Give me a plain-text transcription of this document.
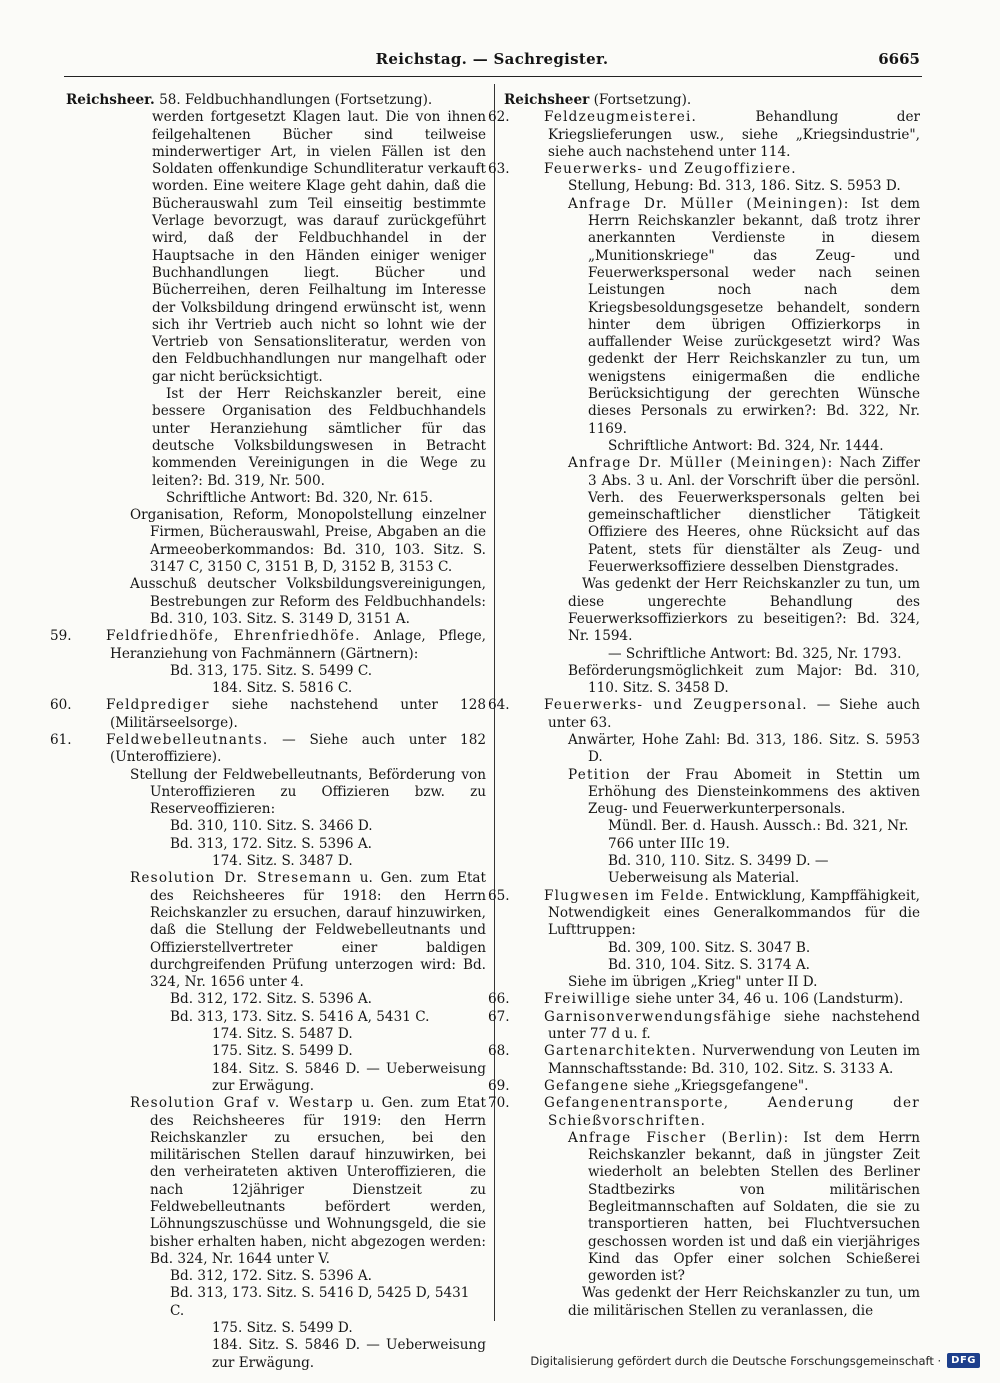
Reichstag. — Sachregister.	6665

Reichsheer. 58. Feldbuchhandlungen (Fortsetzung).

werden fortgesetzt Klagen laut. Die von ihnen feilgehaltenen Bücher sind teilweise minderwertiger Art, in vielen Fällen ist den Soldaten offenkundige Schundliteratur verkauft worden. Eine weitere Klage geht dahin, daß die Bücherauswahl zum Teil einseitig bestimmte Verlage bevorzugt, was darauf zurückgeführt wird, daß der Feldbuchhandel in der Hauptsache in den Händen einiger weniger Buchhandlungen liegt. Bücher und Bücherreihen, deren Feilhaltung im Interesse der Volksbildung dringend erwünscht ist, wenn sich ihr Vertrieb auch nicht so lohnt wie der Vertrieb von Sensationsliteratur, werden von den Feldbuchhandlungen nur mangelhaft oder gar nicht berücksichtigt.

Ist der Herr Reichskanzler bereit, eine bessere Organisation des Feldbuchhandels unter Heranziehung sämtlicher für das deutsche Volksbildungswesen in Betracht kommenden Vereinigungen in die Wege zu leiten?: Bd. 319, Nr. 500.

Schriftliche Antwort: Bd. 320, Nr. 615.

Organisation, Reform, Monopolstellung einzelner Firmen, Bücherauswahl, Preise, Abgaben an die Armeeoberkommandos: Bd. 310, 103. Sitz. S. 3147 C, 3150 C, 3151 B, D, 3152 B, 3153 C.

Ausschuß deutscher Volksbildungsvereinigungen, Bestrebungen zur Reform des Feldbuchhandels: Bd. 310, 103. Sitz. S. 3149 D, 3151 A.

59.	Feldfriedhöfe, Ehrenfriedhöfe. Anlage, Pflege, Heranziehung von Fachmännern (Gärtnern):

Bd. 313, 175. Sitz. S. 5499 C.

184. Sitz. S. 5816 C.

60.	Feldprediger siehe nachstehend unter 128 (Militärseelsorge).

61.	Feldwebelleutnants. — Siehe auch unter 182 (Unteroffiziere).

Stellung der Feldwebelleutnants, Beförderung von Unteroffizieren zu Offizieren bzw. zu Reserveoffizieren:

Bd. 310, 110. Sitz. S. 3466 D.

Bd. 313, 172. Sitz. S. 5396 A.

174. Sitz. S. 3487 D.

Resolution Dr. Stresemann u. Gen. zum Etat des Reichsheeres für 1918: den Herrn Reichskanzler zu ersuchen, darauf hinzuwirken, daß die Stellung der Feldwebelleutnants und Offizierstellvertreter einer baldigen durchgreifenden Prüfung unterzogen wird: Bd. 324, Nr. 1656 unter 4.

Bd. 312, 172. Sitz. S. 5396 A.

Bd. 313, 173. Sitz. S. 5416 A, 5431 C.

174. Sitz. S. 5487 D.

175. Sitz. S. 5499 D.

184. Sitz. S. 5846 D. — Ueberweisung zur Erwägung.

Resolution Graf v. Westarp u. Gen. zum Etat des Reichsheeres für 1919: den Herrn Reichskanzler zu ersuchen, bei den militärischen Stellen darauf hinzuwirken, bei den verheirateten aktiven Unteroffizieren, die nach 12jähriger Dienstzeit zu Feldwebelleutnants befördert werden, Löhnungszuschüsse und Wohnungsgeld, die sie bisher erhalten haben, nicht abgezogen werden: Bd. 324, Nr. 1644 unter V.

Bd. 312, 172. Sitz. S. 5396 A.

Bd. 313, 173. Sitz. S. 5416 D, 5425 D, 5431 C.

175. Sitz. S. 5499 D.

184. Sitz. S. 5846 D. — Ueberweisung zur Erwägung.

Reichsheer (Fortsetzung).

62.	Feldzeugmeisterei. Behandlung der Kriegslieferungen usw., siehe „Kriegsindustrie", siehe auch nachstehend unter 114.

63.	Feuerwerks- und Zeugoffiziere.

Stellung, Hebung: Bd. 313, 186. Sitz. S. 5953 D.

Anfrage Dr. Müller (Meiningen): Ist dem Herrn Reichskanzler bekannt, daß trotz ihrer anerkannten Verdienste in diesem „Munitionskriege" das Zeug- und Feuerwerkspersonal weder nach seinen Leistungen noch nach dem Kriegsbesoldungsgesetze behandelt, sondern hinter dem übrigen Offizierkorps in auffallender Weise zurückgesetzt wird? Was gedenkt der Herr Reichskanzler zu tun, um wenigstens einigermaßen die endliche Berücksichtigung der gerechten Wünsche dieses Personals zu erwirken?: Bd. 322, Nr. 1169.

Schriftliche Antwort: Bd. 324, Nr. 1444.

Anfrage Dr. Müller (Meiningen): Nach Ziffer 3 Abs. 3 u. Anl. der Vorschrift über die persönl. Verh. des Feuerwerkspersonals gelten bei gemeinschaftlicher dienstlicher Tätigkeit Offiziere des Heeres, ohne Rücksicht auf das Patent, stets für dienstälter als Zeug- und Feuerwerksoffiziere desselben Dienstgrades.

Was gedenkt der Herr Reichskanzler zu tun, um diese ungerechte Behandlung des Feuerwerksoffizierkors zu beseitigen?: Bd. 324, Nr. 1594.

— Schriftliche Antwort: Bd. 325, Nr. 1793.

Beförderungsmöglichkeit zum Major: Bd. 310, 110. Sitz. S. 3458 D.

64.	Feuerwerks- und Zeugpersonal. — Siehe auch unter 63.

Anwärter, Hohe Zahl: Bd. 313, 186. Sitz. S. 5953 D.

Petition der Frau Abomeit in Stettin um Erhöhung des Diensteinkommens des aktiven Zeug- und Feuerwerkunterpersonals.

Mündl. Ber. d. Haush. Aussch.: Bd. 321, Nr. 766 unter IIIc 19.

Bd. 310, 110. Sitz. S. 3499 D. — Ueberweisung als Material.

65.	Flugwesen im Felde. Entwicklung, Kampffähigkeit, Notwendigkeit eines Generalkommandos für die Lufttruppen:

Bd. 309, 100. Sitz. S. 3047 B.

Bd. 310, 104. Sitz. S. 3174 A.

Siehe im übrigen „Krieg" unter II D.

66.	Freiwillige siehe unter 34, 46 u. 106 (Landsturm).

67.	Garnisonverwendungsfähige siehe nachstehend unter 77 d u. f.

68.	Gartenarchitekten. Nurverwendung von Leuten im Mannschaftsstande: Bd. 310, 102. Sitz. S. 3133 A.

69.	Gefangene siehe „Kriegsgefangene".

70.	Gefangenentransporte, Aenderung der Schießvorschriften.

Anfrage Fischer (Berlin): Ist dem Herrn Reichskanzler bekannt, daß in jüngster Zeit wiederholt an belebten Stellen des Berliner Stadtbezirks von militärischen Begleitmannschaften auf Soldaten, die sie zu transportieren hatten, bei Fluchtversuchen geschossen worden ist und daß ein vierjähriges Kind das Opfer einer solchen Schießerei geworden ist?

Was gedenkt der Herr Reichskanzler zu tun, um die militärischen Stellen zu veranlassen, die

Digitalisierung gefördert durch die Deutsche Forschungsgemeinschaft ·	DFG
